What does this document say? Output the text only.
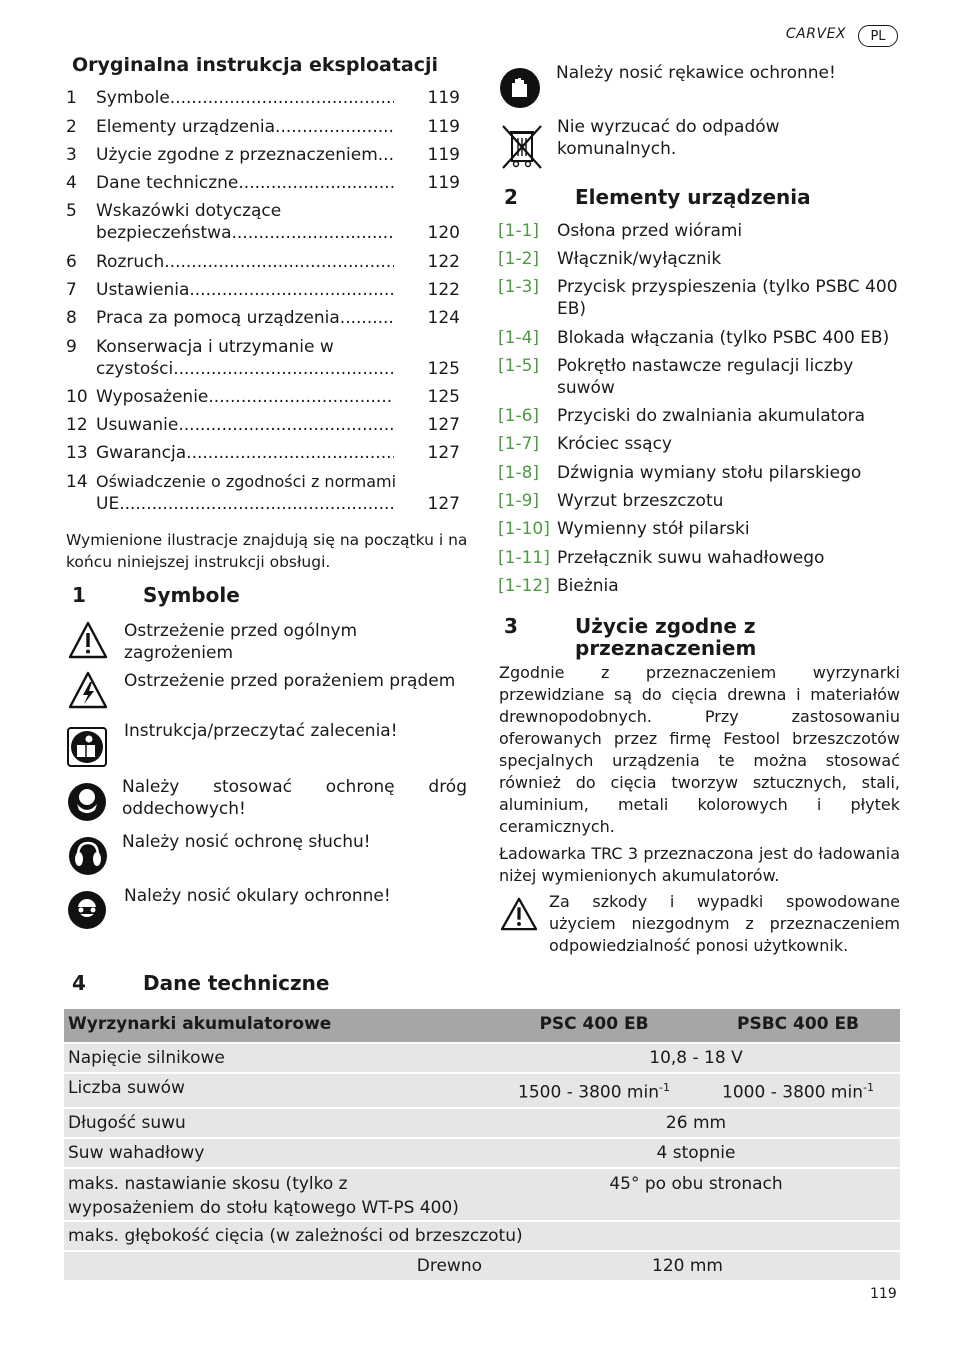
CARVEX	PL
Oryginalna instrukcja eksploatacji
1 Symbole .....	119
2 Elementy urządzenia .....	119
3 Użycie zgodne z przeznaczeniem .....	119
4 Dane techniczne .....	119
5 Wskazówki dotyczące
bezpieczeństwa .....	120
6 Rozruch .....	122
7 Ustawienia .....	122
8 Praca za pomocą urządzenia .....	124
9 Konserwacja i utrzymanie w
czystości .....	125
10 Wyposażenie .....	125
12 Usuwanie .....	127
13 Gwarancja .....	127
14 Oświadczenie o zgodności z normami
UE .....	127
Wymienione ilustracje znajdują się na początku i na końcu niniejszej instrukcji obsługi.
1	Symbole
Ostrzeżenie przed ogólnym zagrożeniem
Ostrzeżenie przed porażeniem prądem
Instrukcja/przeczytać zalecenia!
Należy stosować ochronę dróg oddechowych!
Należy nosić ochronę słuchu!
Należy nosić okulary ochronne!
Należy nosić rękawice ochronne!
Nie wyrzucać do odpadów komunalnych.
2	Elementy urządzenia
[1-1] Osłona przed wiórami
[1-2] Włącznik/wyłącznik
[1-3] Przycisk przyspieszenia (tylko PSBC 400 EB)
[1-4] Blokada włączania (tylko PSBC 400 EB)
[1-5] Pokrętło nastawcze regulacji liczby suwów
[1-6] Przyciski do zwalniania akumulatora
[1-7] Króciec ssący
[1-8] Dźwignia wymiany stołu pilarskiego
[1-9] Wyrzut brzeszczotu
[1-10] Wymienny stół pilarski
[1-11] Przełącznik suwu wahadłowego
[1-12] Bieżnia
3	Użycie zgodne z przeznaczeniem
Zgodnie z przeznaczeniem wyrzynarki przewidziane są do cięcia drewna i materiałów drewnopodobnych. Przy zastosowaniu oferowanych przez firmę Festool brzeszczotów specjalnych urządzenia te można stosować również do cięcia tworzyw sztucznych, stali, aluminium, metali kolorowych i płytek ceramicznych.
Ładowarka TRC 3 przeznaczona jest do ładowania niżej wymienionych akumulatorów.
Za szkody i wypadki spowodowane użyciem niezgodnym z przeznaczeniem odpowiedzialność ponosi użytkownik.
4	Dane techniczne
Wyrzynarki akumulatorowe	PSC 400 EB	PSBC 400 EB
Napięcie silnikowe	10,8 - 18 V	
Liczba suwów	1500 - 3800 $\min^{-1}$	1000 - 3800 $\min^{-1}$
Długość suwu	26 mm	
Suw wahadłowy	4 stopnie	
maks. nastawianie skosu (tylko z
wyposażeniem do stołu kątowego WT-PS 400)	45° po obu stronach	
maks. głębokość cięcia (w zależności od brzeszczotu)		
Drewno	120 mm	
119
